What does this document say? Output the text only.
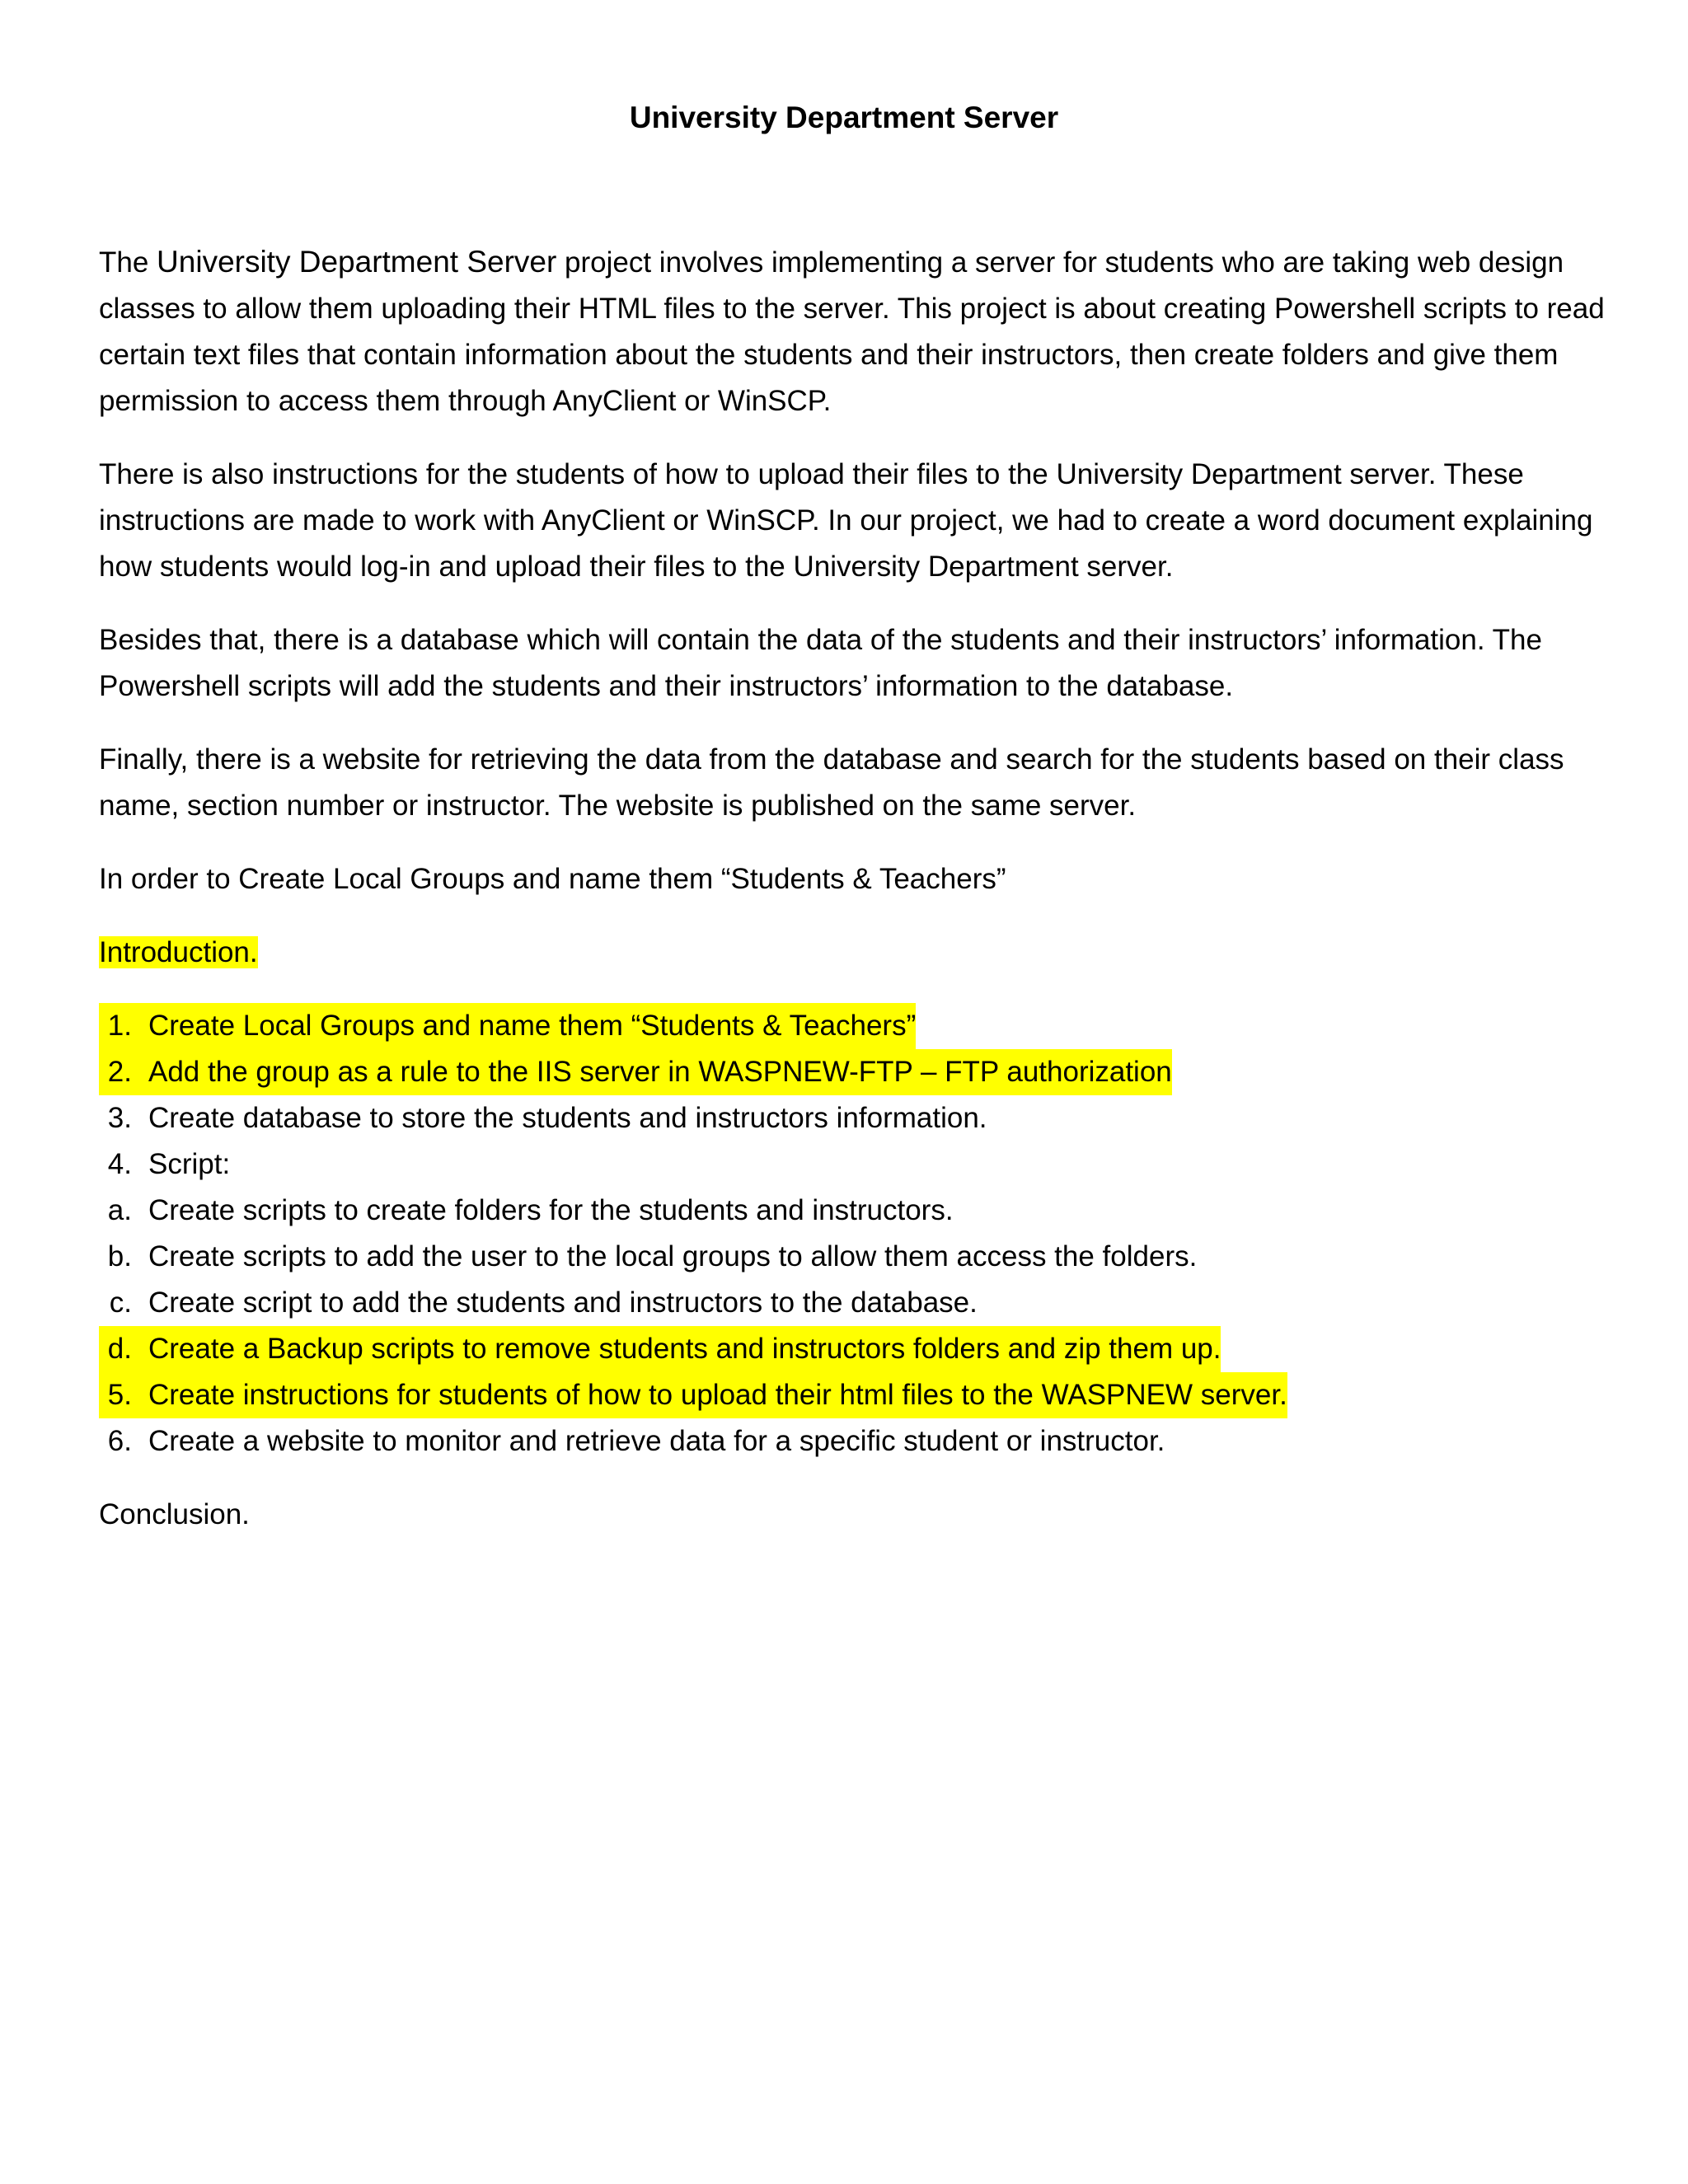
University Department Server

The University Department Server project involves implementing a server for students who are taking web design classes to allow them uploading their HTML files to the server. This project is about creating Powershell scripts to read certain text files that contain information about the students and their instructors, then create folders and give them permission to access them through AnyClient or WinSCP.

There is also instructions for the students of how to upload their files to the University Department server. These instructions are made to work with AnyClient or WinSCP. In our project, we had to create a word document explaining how students would log-in and upload their files to the University Department server.

Besides that, there is a database which will contain the data of the students and their instructors’ information. The Powershell scripts will add the students and their instructors’ information to the database.

Finally, there is a website for retrieving the data from the database and search for the students based on their class name, section number or instructor. The website is published on the same server.

In order to Create Local Groups and name them “Students & Teachers”

Introduction.

1. Create Local Groups and name them “Students & Teachers”
2. Add the group as a rule to the IIS server in WASPNEW-FTP – FTP authorization
3. Create database to store the students and instructors information.
4. Script:
a. Create scripts to create folders for the students and instructors.
b. Create scripts to add the user to the local groups to allow them access the folders.
c. Create script to add the students and instructors to the database.
d. Create a Backup scripts to remove students and instructors folders and zip them up.
5. Create instructions for students of how to upload their html files to the WASPNEW server.
6. Create a website to monitor and retrieve data for a specific student or instructor.

Conclusion.
